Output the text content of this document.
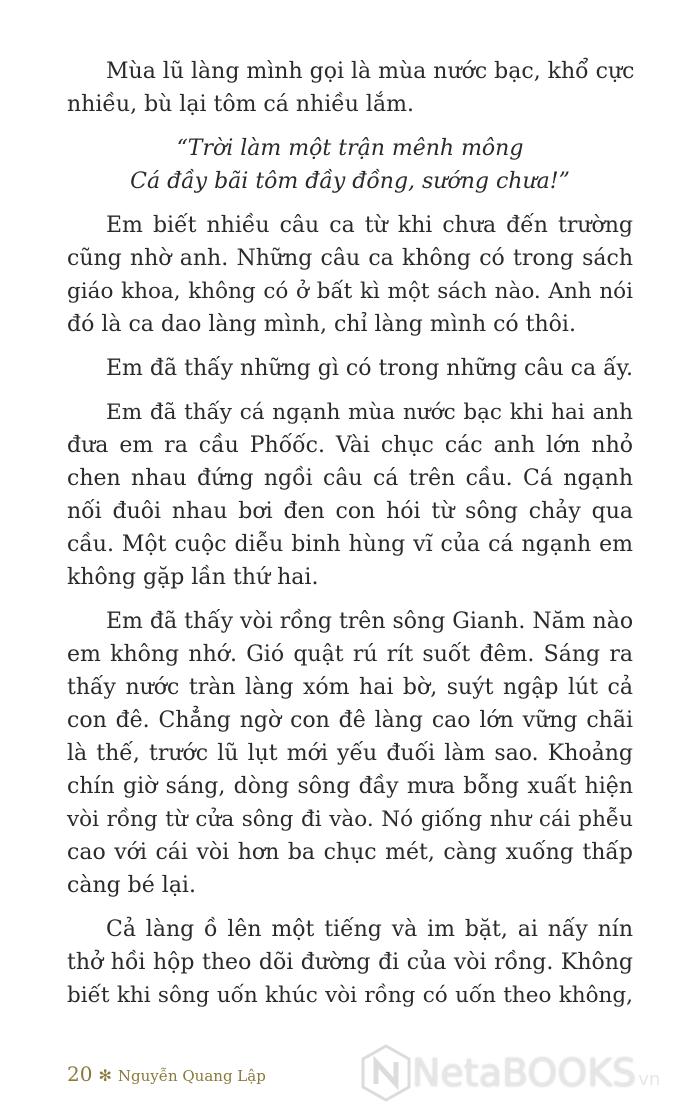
Mùa lũ làng mình gọi là mùa nước bạc, khổ cực
nhiều, bù lại tôm cá nhiều lắm.
“Trời làm một trận mênh mông
Cá đầy bãi tôm đầy đồng, sướng chưa!”
Em biết nhiều câu ca từ khi chưa đến trường
cũng nhờ anh. Những câu ca không có trong sách
giáo khoa, không có ở bất kì một sách nào. Anh nói
đó là ca dao làng mình, chỉ làng mình có thôi.
Em đã thấy những gì có trong những câu ca ấy.
Em đã thấy cá ngạnh mùa nước bạc khi hai anh
đưa em ra cầu Phốốc. Vài chục các anh lớn nhỏ
chen nhau đứng ngồi câu cá trên cầu. Cá ngạnh
nối đuôi nhau bơi đen con hói từ sông chảy qua
cầu. Một cuộc diễu binh hùng vĩ của cá ngạnh em
không gặp lần thứ hai.
Em đã thấy vòi rồng trên sông Gianh. Năm nào
em không nhớ. Gió quật rú rít suốt đêm. Sáng ra
thấy nước tràn làng xóm hai bờ, suýt ngập lút cả
con đê. Chẳng ngờ con đê làng cao lớn vững chãi
là thế, trước lũ lụt mới yếu đuối làm sao. Khoảng
chín giờ sáng, dòng sông đầy mưa bỗng xuất hiện
vòi rồng từ cửa sông đi vào. Nó giống như cái phễu
cao với cái vòi hơn ba chục mét, càng xuống thấp
càng bé lại.
Cả làng ồ lên một tiếng và im bặt, ai nấy nín
thở hồi hộp theo dõi đường đi của vòi rồng. Không
biết khi sông uốn khúc vòi rồng có uốn theo không,
20 ✻ Nguyễn Quang Lập	NetaBOOKS vn
